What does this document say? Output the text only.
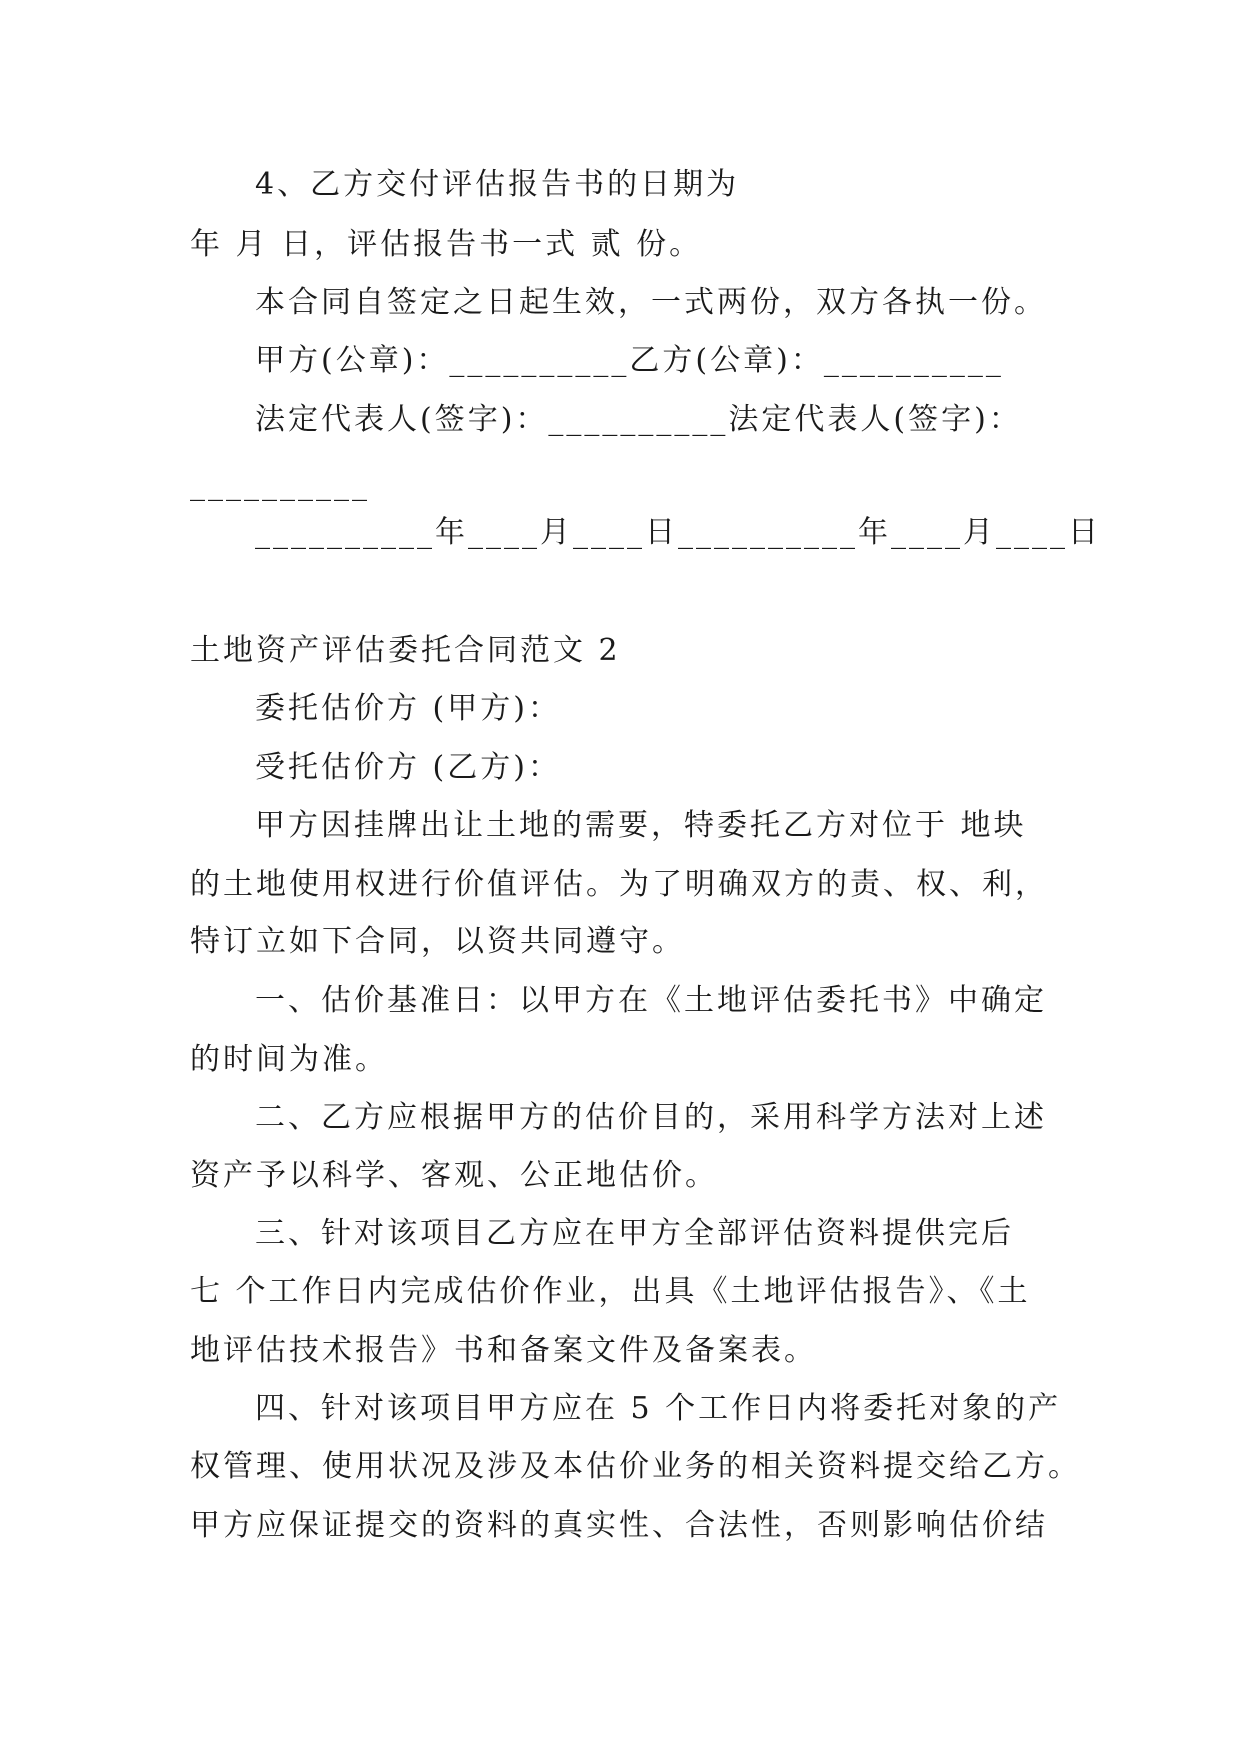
4、乙方交付评估报告书的日期为
年 月 日，评估报告书一式 贰 份。
本合同自签定之日起生效，一式两份，双方各执一份。
甲方(公章)：__________乙方(公章)：__________
法定代表人(签字)：__________法定代表人(签字)：
__________
__________年____月____日__________年____月____日
土地资产评估委托合同范文 2
委托估价方 (甲方)：
受托估价方 (乙方)：
甲方因挂牌出让土地的需要，特委托乙方对位于 地块
的土地使用权进行价值评估。为了明确双方的责、权、利，
特订立如下合同，以资共同遵守。
一、估价基准日：以甲方在《土地评估委托书》中确定
的时间为准。
二、乙方应根据甲方的估价目的，采用科学方法对上述
资产予以科学、客观、公正地估价。
三、针对该项目乙方应在甲方全部评估资料提供完后
七 个工作日内完成估价作业，出具《土地评估报告》、《土
地评估技术报告》书和备案文件及备案表。
四、针对该项目甲方应在 5 个工作日内将委托对象的产
权管理、使用状况及涉及本估价业务的相关资料提交给乙方。
甲方应保证提交的资料的真实性、合法性，否则影响估价结
